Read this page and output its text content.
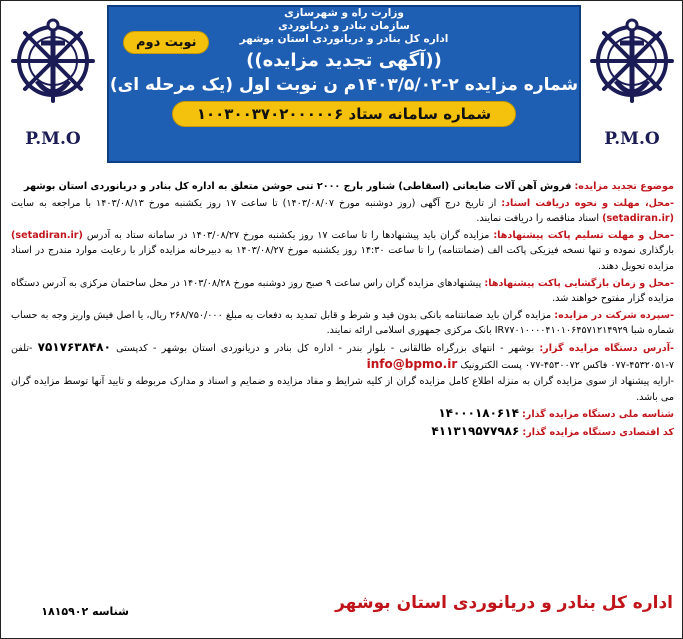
P.M.O
وزارت راه و شهرسازی
سازمان بنادر و دریانوردی
اداره کل بنادر و دریانوردی استان بوشهر
نوبت دوم
((آگهی تجدید مزایده))
شماره مزایده ۲-۱۴۰۳/۵/۰۲م ن نوبت اول (یک مرحله ای)
شماره سامانه ستاد ۱۰۰۳۰۰۳۷۰۲۰۰۰۰۰۶
P.M.O

موضوع تجدید مزایده: فروش آهن آلات ضایعاتی (اسقاطی) شناور بارج ۲۰۰۰ تنی جوشن متعلق به اداره کل بنادر و دریانوردی استان بوشهر

-محل، مهلت و نحوه دریافت اسناد: از تاریخ درج آگهی (روز دوشنبه مورخ ۱۴۰۳/۰۸/۰۷) تا ساعت ۱۷ روز یکشنبه مورخ ۱۴۰۳/۰۸/۱۳ با مراجعه به سایت (setadiran.ir) اسناد مناقصه را دریافت نمایند.

-محل و مهلت تسلیم پاکت پیشنهادها: مزایده گران باید پیشنهادها را تا ساعت ۱۷ روز یکشنبه مورخ ۱۴۰۳/۰۸/۲۷ در سامانه ستاد به آدرس (setadiran.ir) بارگذاری نموده و تنها نسخه فیزیکی پاکت الف (ضمانتنامه) را تا ساعت ۱۴:۳۰ روز یکشنبه مورخ ۱۴۰۳/۰۸/۲۷ به دبیرخانه مزایده گزار با رعایت موارد مندرج در اسناد مزایده تحویل دهند.

-محل و زمان بازگشایی پاکت پیشنهادها: پیشنهادهای مزایده گران راس ساعت ۹ صبح روز دوشنبه مورخ ۱۴۰۳/۰۸/۲۸ در محل ساختمان مرکزی به آدرس دستگاه مزایده گزار مفتوح خواهند شد.

-سپرده شرکت در مزایده: مزایده گران باید ضمانتنامه بانکی بدون قید و شرط و قابل تمدید به دفعات به مبلغ ۲۶۸/۷۵۰/۰۰۰ ریال، یا اصل فیش واریز وجه به حساب شماره شبا IR۷۷۰۱۰۰۰۰۴۱۰۱۰۶۴۵۷۱۲۱۴۹۲۹ بانک مرکزی جمهوری اسلامی ارائه نمایند.

-آدرس دستگاه مزایده گزار: بوشهر - انتهای بزرگراه طالقانی - بلوار بندر - اداره کل بنادر و دریانوردی استان بوشهر - کدپستی ۷۵۱۷۶۳۸۴۸۰ -تلفن ۷-۴۵۳۲۰۵۱-۰۷۷ فاکس ۴۵۳۰۰۷۲-۰۷۷ پست الکترونیک info@bpmo.ir

-ارایه پیشنهاد از سوی مزایده گران به منزله اطلاع کامل مزایده گران از کلیه شرایط و مفاد مزایده و ضمایم و اسناد و مدارک مربوطه و تایید آنها توسط مزایده گران می باشد.

شناسه ملی دستگاه مزایده گذار: ۱۴۰۰۰۱۸۰۶۱۴

کد اقتصادی دستگاه مزایده گذار: ۴۱۱۳۱۹۵۷۷۹۸۶

اداره کل بنادر و دریانوردی استان بوشهر
شناسه ۱۸۱۵۹۰۲
